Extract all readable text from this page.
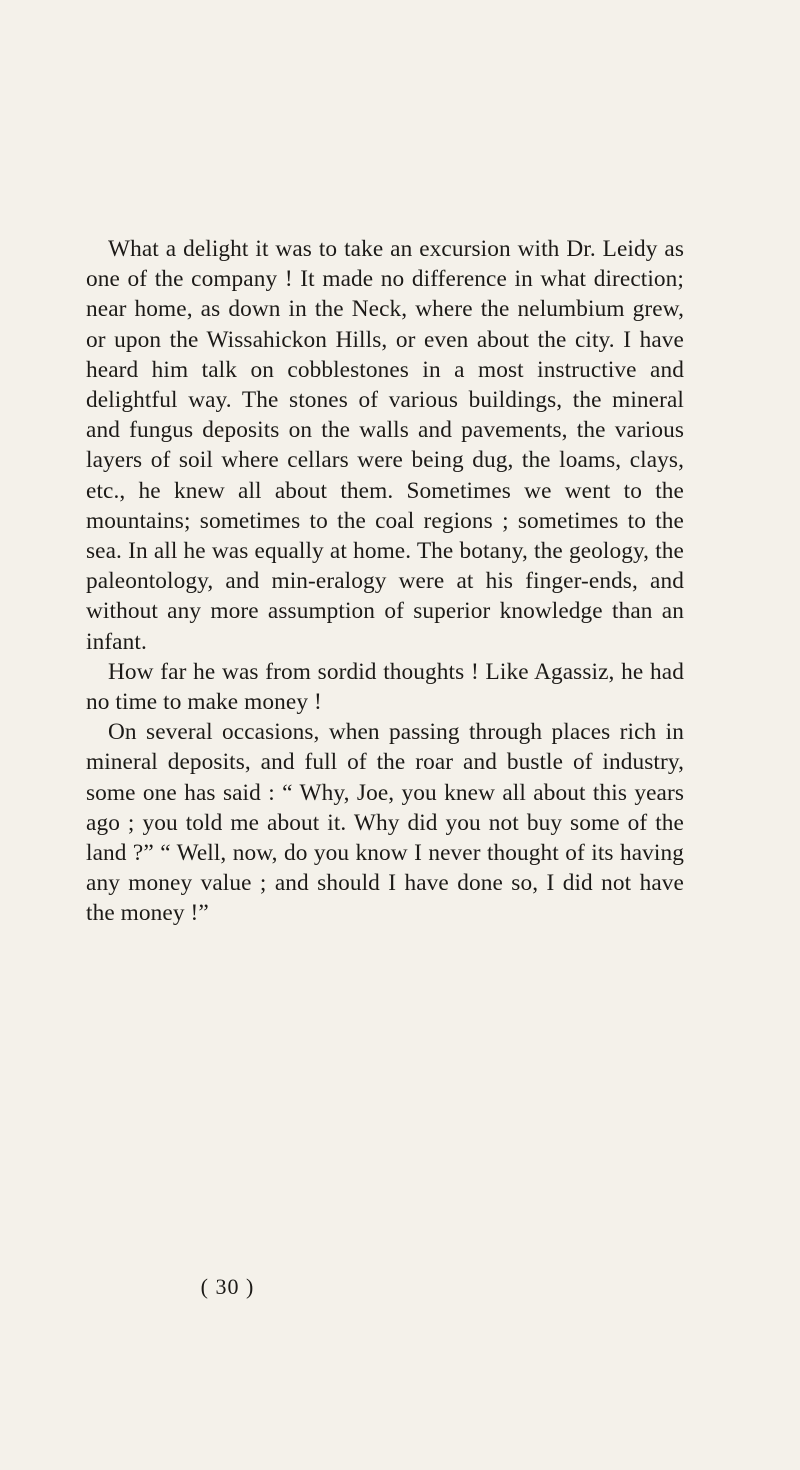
What a delight it was to take an excursion with Dr. Leidy as one of the company ! It made no difference in what direction; near home, as down in the Neck, where the nelumbium grew, or upon the Wissahickon Hills, or even about the city. I have heard him talk on cobblestones in a most instructive and delightful way. The stones of various buildings, the mineral and fungus deposits on the walls and pavements, the various layers of soil where cellars were being dug, the loams, clays, etc., he knew all about them. Sometimes we went to the mountains; sometimes to the coal regions ; sometimes to the sea. In all he was equally at home. The botany, the geology, the paleontology, and min-eralogy were at his finger-ends, and without any more assumption of superior knowledge than an infant.

How far he was from sordid thoughts ! Like Agassiz, he had no time to make money !

On several occasions, when passing through places rich in mineral deposits, and full of the roar and bustle of industry, some one has said : “ Why, Joe, you knew all about this years ago ; you told me about it. Why did you not buy some of the land ?” “ Well, now, do you know I never thought of its having any money value ; and should I have done so, I did not have the money !”

( 30 )
